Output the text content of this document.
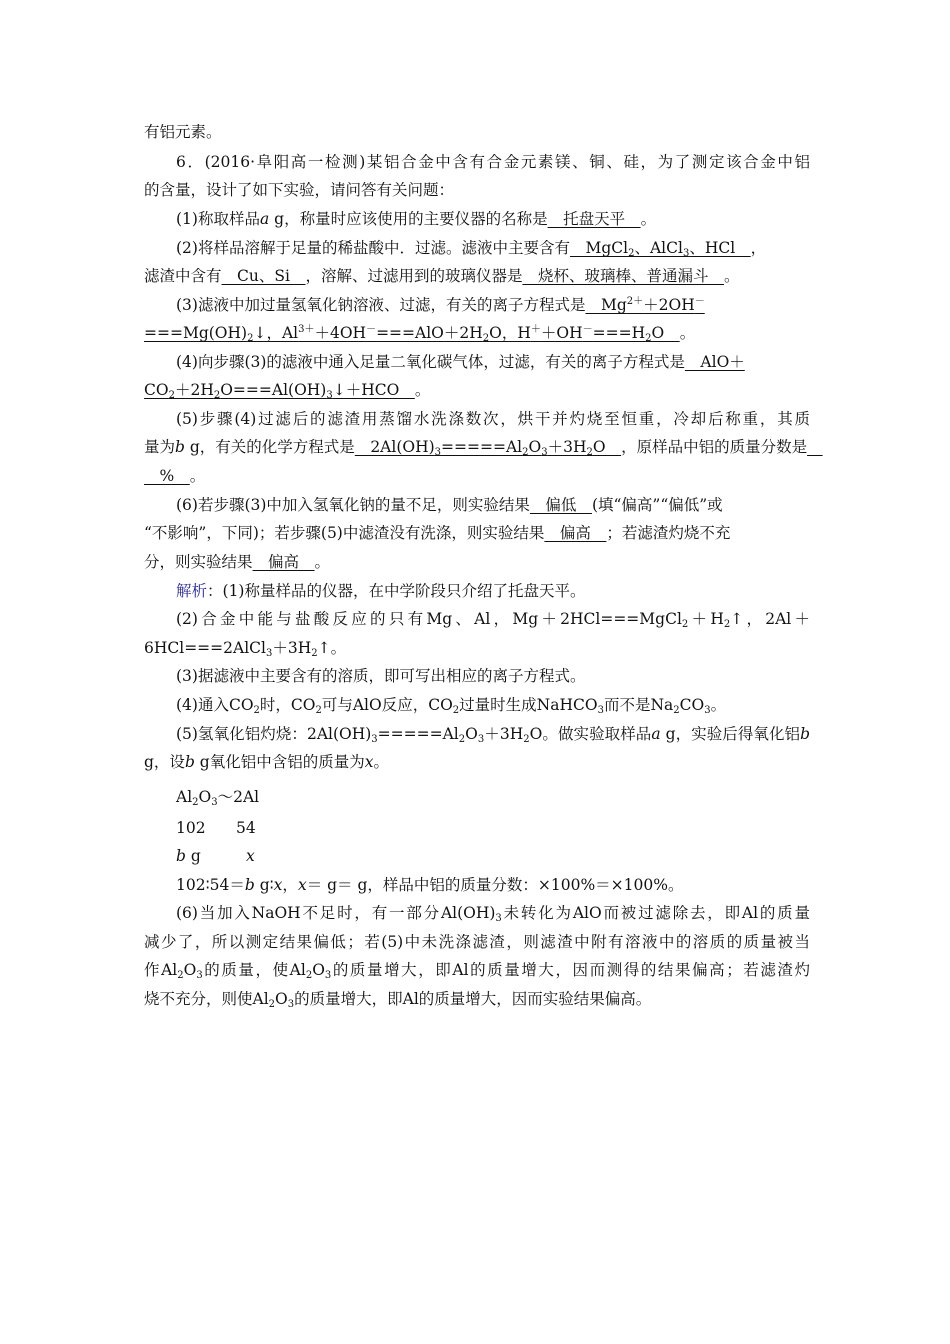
有铝元素。
6．(2016·阜阳高一检测)某铝合金中含有合金元素镁、铜、硅，为了测定该合金中铝
的含量，设计了如下实验，请问答有关问题：
(1)称取样品a g，称量时应该使用的主要仪器的名称是　托盘天平　。
(2)将样品溶解于足量的稀盐酸中．过滤。滤液中主要含有　MgCl$_2$、AlCl$_3$、HCl　，
滤渣中含有　Cu、Si　，溶解、过滤用到的玻璃仪器是　烧杯、玻璃棒、普通漏斗　。
(3)滤液中加过量氢氧化钠溶液、过滤，有关的离子方程式是　$Mg^{2+}+2OH^-$
$===Mg(OH)_2↓$，$Al^{3+}+4OH^-===AlO+2H_2O$，$H^++OH^-===H_2O$　。
(4)向步骤(3)的滤液中通入足量二氧化碳气体，过滤，有关的离子方程式是　AlO＋
$CO_2+2H_2O===Al(OH)_3↓+HCO$　。
(5)步骤(4)过滤后的滤渣用蒸馏水洗涤数次，烘干并灼烧至恒重，冷却后称重，其质
量为b g，有关的化学方程式是　$2Al(OH)_3=====Al_2O_3+3H_2O$　，原样品中铝的质量分数是　
　%　。
(6)若步骤(3)中加入氢氧化钠的量不足，则实验结果　偏低　(填“偏高”“偏低”或
“不影响”，下同)；若步骤(5)中滤渣没有洗涤，则实验结果　偏高　；若滤渣灼烧不充
分，则实验结果　偏高　。
解析：(1)称量样品的仪器，在中学阶段只介绍了托盘天平。
(2)合金中能与盐酸反应的只有Mg、Al，$Mg+2HCl===MgCl_2+H_2↑$，2Al＋
$6HCl===2AlCl_3+3H_2↑$。
(3)据滤液中主要含有的溶质，即可写出相应的离子方程式。
(4)通入$CO_2$时，$CO_2$可与AlO反应，$CO_2$过量时生成NaHCO$_3$而不是$Na_2CO_3$。
(5)氢氧化铝灼烧：$2Al(OH)_3=====Al_2O_3+3H_2O$。做实验取样品a g，实验后得氧化铝b
g，设b g氧化铝中含铝的质量为x。
$Al_2O_3\sim 2Al$
102 54
b g	x
102∶54＝b g∶x，x＝ g＝ g，样品中铝的质量分数：×100%＝×100%。
(6)当加入NaOH不足时，有一部分$Al(OH)_3$未转化为AlO而被过滤除去，即Al的质量
减少了，所以测定结果偏低；若(5)中未洗涤滤渣，则滤渣中附有溶液中的溶质的质量被当
作$Al_2O_3$的质量，使$Al_2O_3$的质量增大，即Al的质量增大，因而测得的结果偏高；若滤渣灼
烧不充分，则使$Al_2O_3$的质量增大，即Al的质量增大，因而实验结果偏高。
